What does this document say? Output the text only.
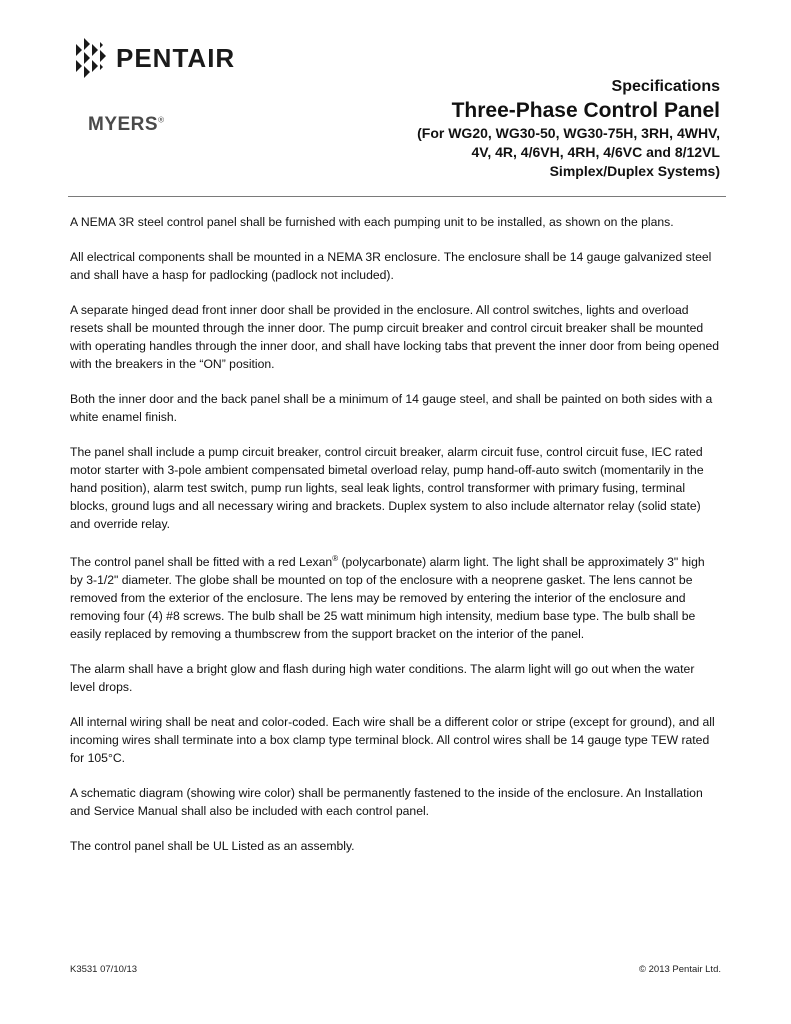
PENTAIR
MYERS®
Specifications
Three-Phase Control Panel
(For WG20, WG30-50, WG30-75H, 3RH, 4WHV,
4V, 4R, 4/6VH, 4RH, 4/6VC and 8/12VL
Simplex/Duplex Systems)

A NEMA 3R steel control panel shall be furnished with each pumping unit to be installed, as shown on the plans.

All electrical components shall be mounted in a NEMA 3R enclosure. The enclosure shall be 14 gauge galvanized steel and shall have a hasp for padlocking (padlock not included).

A separate hinged dead front inner door shall be provided in the enclosure. All control switches, lights and overload resets shall be mounted through the inner door. The pump circuit breaker and control circuit breaker shall be mounted with operating handles through the inner door, and shall have locking tabs that prevent the inner door from being opened with the breakers in the “ON” position.

Both the inner door and the back panel shall be a minimum of 14 gauge steel, and shall be painted on both sides with a white enamel finish.

The panel shall include a pump circuit breaker, control circuit breaker, alarm circuit fuse, control circuit fuse, IEC rated motor starter with 3-pole ambient compensated bimetal overload relay, pump hand-off-auto switch (momentarily in the hand position), alarm test switch, pump run lights, seal leak lights, control transformer with primary fusing, terminal blocks, ground lugs and all necessary wiring and brackets. Duplex system to also include alternator relay (solid state) and override relay.

The control panel shall be fitted with a red Lexan® (polycarbonate) alarm light. The light shall be approximately 3" high by 3-1/2" diameter. The globe shall be mounted on top of the enclosure with a neoprene gasket. The lens cannot be removed from the exterior of the enclosure. The lens may be removed by entering the interior of the enclosure and removing four (4) #8 screws. The bulb shall be 25 watt minimum high intensity, medium base type. The bulb shall be easily replaced by removing a thumbscrew from the support bracket on the interior of the panel.

The alarm shall have a bright glow and flash during high water conditions. The alarm light will go out when the water level drops.

All internal wiring shall be neat and color-coded. Each wire shall be a different color or stripe (except for ground), and all incoming wires shall terminate into a box clamp type terminal block. All control wires shall be 14 gauge type TEW rated for 105°C.

A schematic diagram (showing wire color) shall be permanently fastened to the inside of the enclosure. An Installation and Service Manual shall also be included with each control panel.

The control panel shall be UL Listed as an assembly.

K3531 07/10/13	© 2013 Pentair Ltd.
